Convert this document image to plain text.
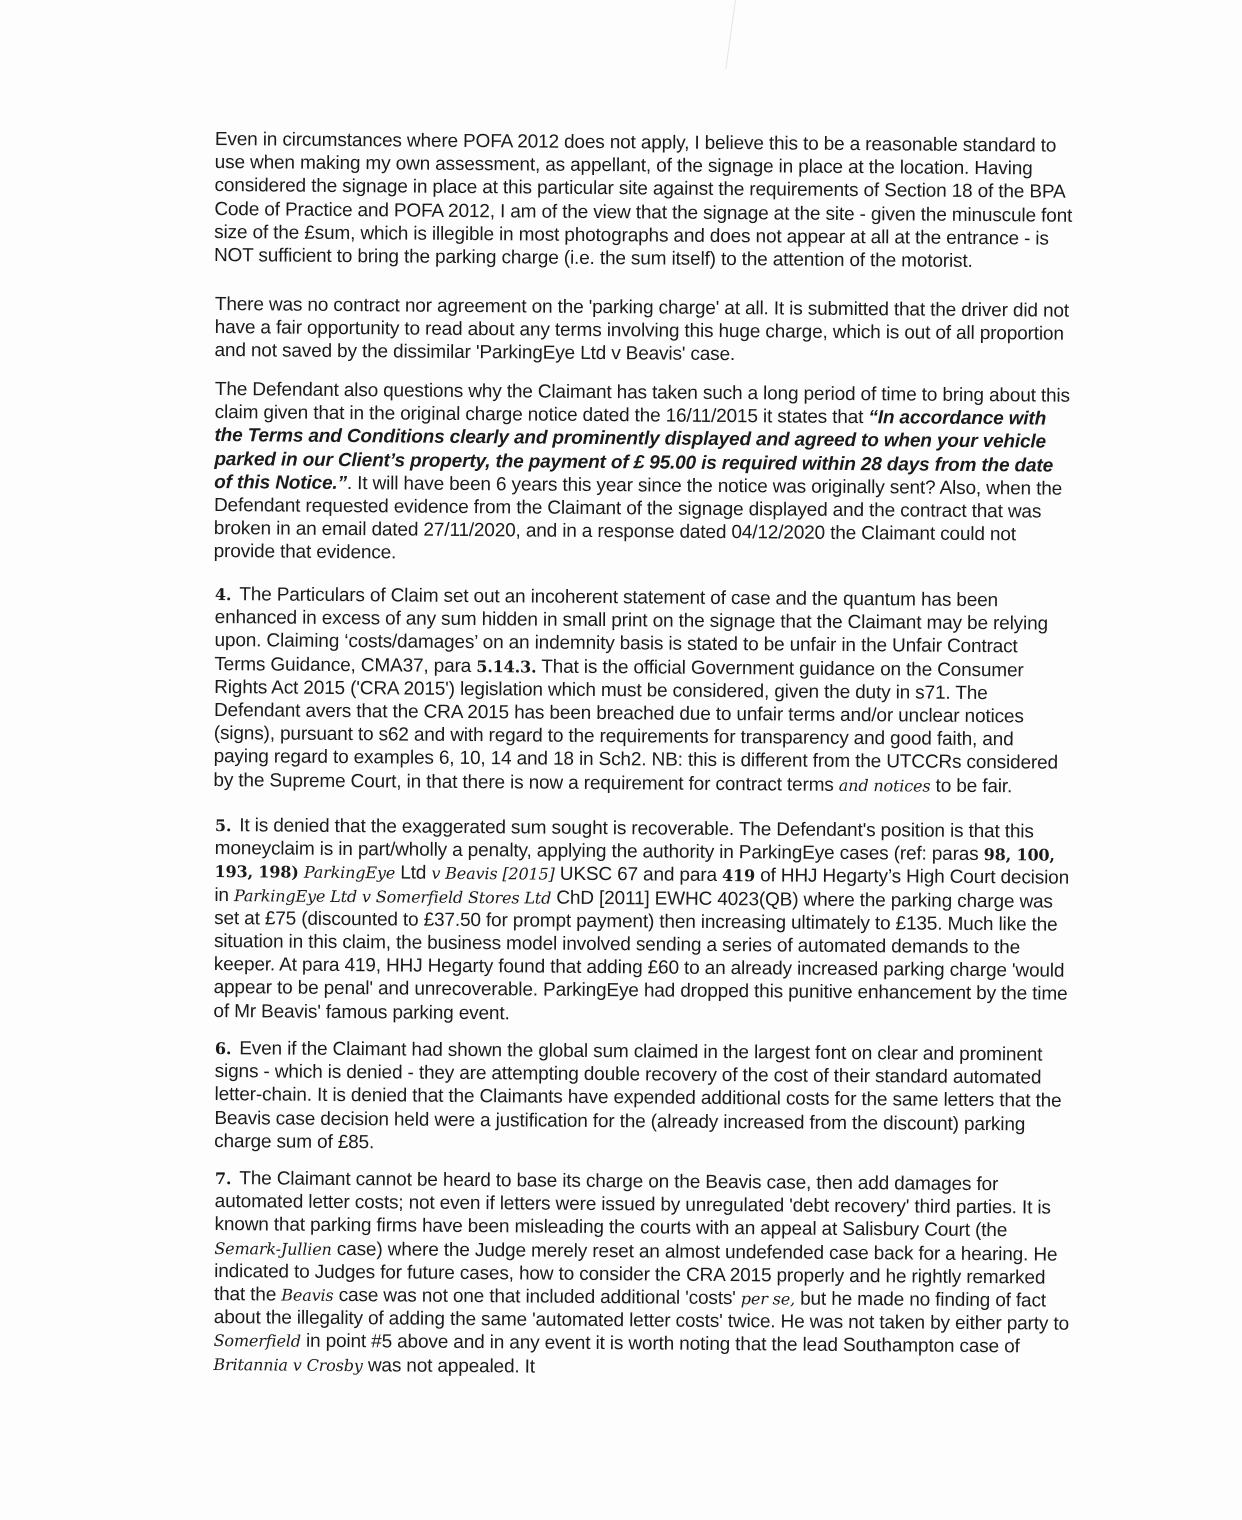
Even in circumstances where POFA 2012 does not apply, I believe this to be a reasonable standard to use when making my own assessment, as appellant, of the signage in place at the location. Having considered the signage in place at this particular site against the requirements of Section 18 of the BPA Code of Practice and POFA 2012, I am of the view that the signage at the site - given the minuscule font size of the £sum, which is illegible in most photographs and does not appear at all at the entrance - is NOT sufficient to bring the parking charge (i.e. the sum itself) to the attention of the motorist.

There was no contract nor agreement on the 'parking charge' at all. It is submitted that the driver did not have a fair opportunity to read about any terms involving this huge charge, which is out of all proportion and not saved by the dissimilar 'ParkingEye Ltd v Beavis' case.

The Defendant also questions why the Claimant has taken such a long period of time to bring about this claim given that in the original charge notice dated the 16/11/2015 it states that “In accordance with the Terms and Conditions clearly and prominently displayed and agreed to when your vehicle parked in our Client’s property, the payment of £ 95.00 is required within 28 days from the date of this Notice.”. It will have been 6 years this year since the notice was originally sent? Also, when the Defendant requested evidence from the Claimant of the signage displayed and the contract that was broken in an email dated 27/11/2020, and in a response dated 04/12/2020 the Claimant could not provide that evidence.

4. The Particulars of Claim set out an incoherent statement of case and the quantum has been enhanced in excess of any sum hidden in small print on the signage that the Claimant may be relying upon. Claiming ‘costs/damages’ on an indemnity basis is stated to be unfair in the Unfair Contract Terms Guidance, CMA37, para 5.14.3. That is the official Government guidance on the Consumer Rights Act 2015 ('CRA 2015') legislation which must be considered, given the duty in s71. The Defendant avers that the CRA 2015 has been breached due to unfair terms and/or unclear notices (signs), pursuant to s62 and with regard to the requirements for transparency and good faith, and paying regard to examples 6, 10, 14 and 18 in Sch2. NB: this is different from the UTCCRs considered by the Supreme Court, in that there is now a requirement for contract terms and notices to be fair.

5. It is denied that the exaggerated sum sought is recoverable. The Defendant's position is that this moneyclaim is in part/wholly a penalty, applying the authority in ParkingEye cases (ref: paras 98, 100, 193, 198) ParkingEye Ltd v Beavis [2015] UKSC 67 and para 419 of HHJ Hegarty’s High Court decision in ParkingEye Ltd v Somerfield Stores Ltd ChD [2011] EWHC 4023(QB) where the parking charge was set at £75 (discounted to £37.50 for prompt payment) then increasing ultimately to £135. Much like the situation in this claim, the business model involved sending a series of automated demands to the keeper. At para 419, HHJ Hegarty found that adding £60 to an already increased parking charge 'would appear to be penal' and unrecoverable. ParkingEye had dropped this punitive enhancement by the time of Mr Beavis' famous parking event.

6. Even if the Claimant had shown the global sum claimed in the largest font on clear and prominent signs - which is denied - they are attempting double recovery of the cost of their standard automated letter-chain. It is denied that the Claimants have expended additional costs for the same letters that the Beavis case decision held were a justification for the (already increased from the discount) parking charge sum of £85.

7. The Claimant cannot be heard to base its charge on the Beavis case, then add damages for automated letter costs; not even if letters were issued by unregulated 'debt recovery' third parties. It is known that parking firms have been misleading the courts with an appeal at Salisbury Court (the Semark-Jullien case) where the Judge merely reset an almost undefended case back for a hearing. He indicated to Judges for future cases, how to consider the CRA 2015 properly and he rightly remarked that the Beavis case was not one that included additional 'costs' per se, but he made no finding of fact about the illegality of adding the same 'automated letter costs' twice. He was not taken by either party to Somerfield in point #5 above and in any event it is worth noting that the lead Southampton case of Britannia v Crosby was not appealed. It
